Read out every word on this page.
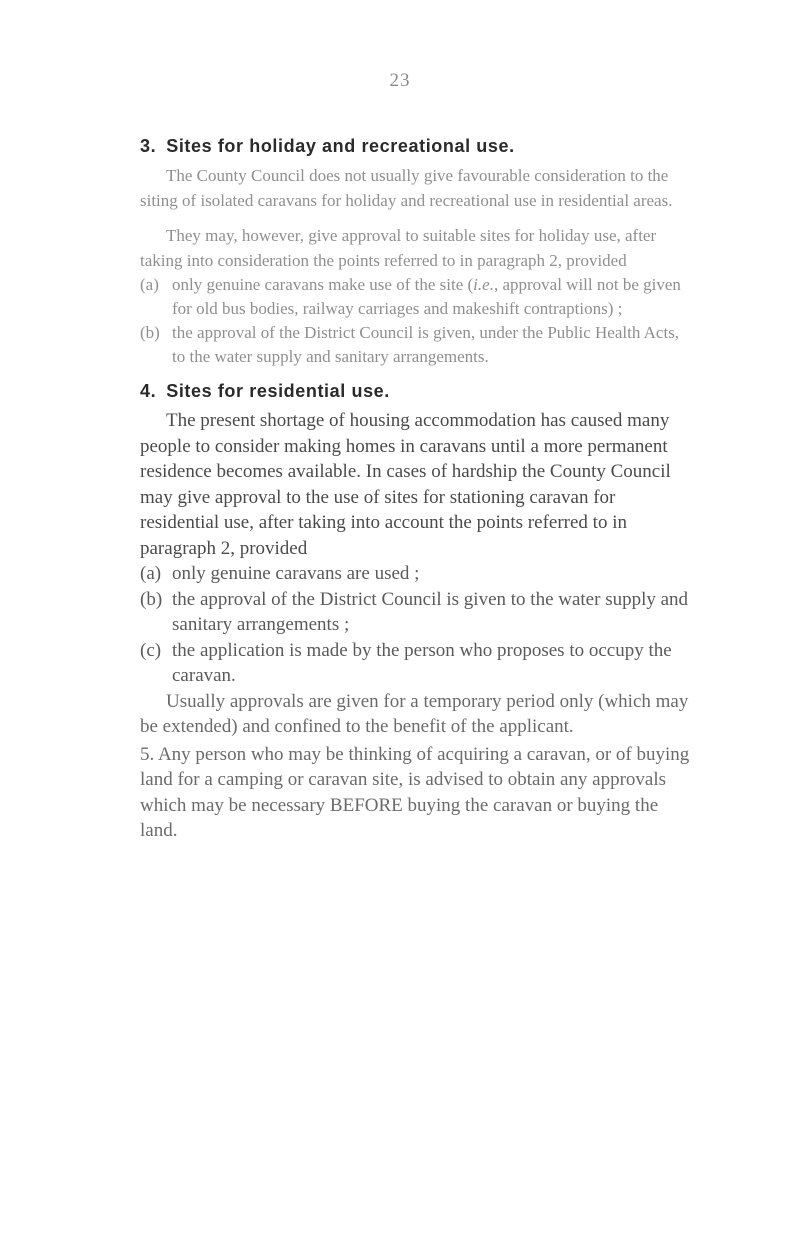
23
3. Sites for holiday and recreational use.

The County Council does not usually give favourable consideration to the siting of isolated caravans for holiday and recreational use in residential areas.

They may, however, give approval to suitable sites for holiday use, after taking into consideration the points referred to in paragraph 2, provided

(a) only genuine caravans make use of the site (i.e., approval will not be given for old bus bodies, railway carriages and makeshift contraptions) ;
(b) the approval of the District Council is given, under the Public Health Acts, to the water supply and sanitary arrangements.
4. Sites for residential use.

The present shortage of housing accommodation has caused many people to consider making homes in caravans until a more permanent residence becomes available. In cases of hardship the County Council may give approval to the use of sites for stationing caravan for residential use, after taking into account the points referred to in paragraph 2, provided

(a) only genuine caravans are used ;
(b) the approval of the District Council is given to the water supply and sanitary arrangements ;
(c) the application is made by the person who proposes to occupy the caravan.

Usually approvals are given for a temporary period only (which may be extended) and confined to the benefit of the applicant.

5. Any person who may be thinking of acquiring a caravan, or of buying land for a camping or caravan site, is advised to obtain any approvals which may be necessary BEFORE buying the caravan or buying the land.
